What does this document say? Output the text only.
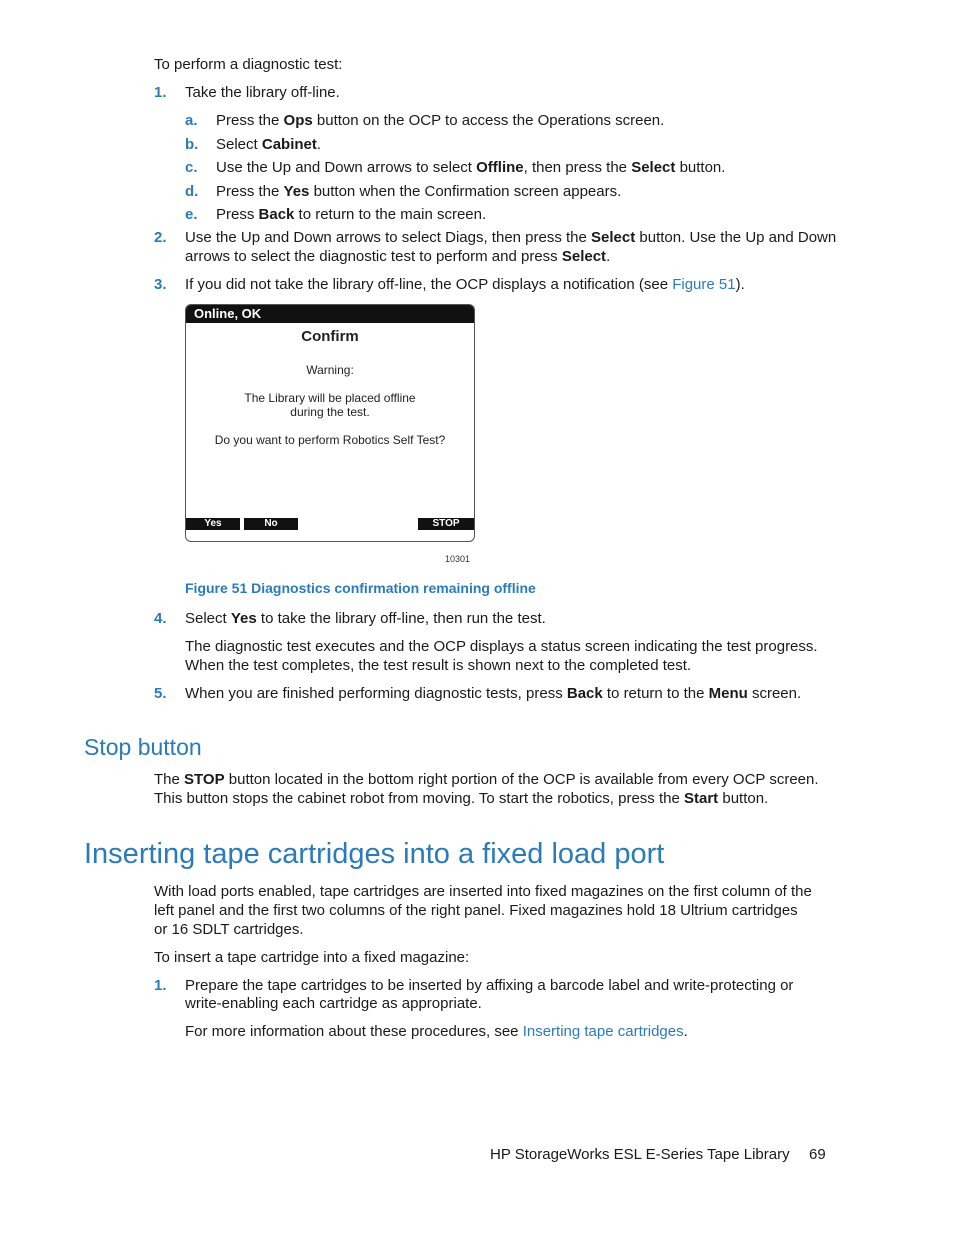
To perform a diagnostic test:
1. Take the library off-line.
a. Press the Ops button on the OCP to access the Operations screen.
b. Select Cabinet.
c. Use the Up and Down arrows to select Offline, then press the Select button.
d. Press the Yes button when the Confirmation screen appears.
e. Press Back to return to the main screen.
2. Use the Up and Down arrows to select Diags, then press the Select button. Use the Up and Down
arrows to select the diagnostic test to perform and press Select.
3. If you did not take the library off-line, the OCP displays a notification (see Figure 51).
Online, OK
Confirm
Warning:
The Library will be placed offline
during the test.
Do you want to perform Robotics Self Test?
Yes	No	STOP
10301
Figure 51 Diagnostics confirmation remaining offline
4. Select Yes to take the library off-line, then run the test.
The diagnostic test executes and the OCP displays a status screen indicating the test progress.
When the test completes, the test result is shown next to the completed test.
5. When you are finished performing diagnostic tests, press Back to return to the Menu screen.
Stop button
The STOP button located in the bottom right portion of the OCP is available from every OCP screen.
This button stops the cabinet robot from moving. To start the robotics, press the Start button.
Inserting tape cartridges into a fixed load port
With load ports enabled, tape cartridges are inserted into fixed magazines on the first column of the
left panel and the first two columns of the right panel. Fixed magazines hold 18 Ultrium cartridges
or 16 SDLT cartridges.
To insert a tape cartridge into a fixed magazine:
1. Prepare the tape cartridges to be inserted by affixing a barcode label and write-protecting or
write-enabling each cartridge as appropriate.
For more information about these procedures, see Inserting tape cartridges.
HP StorageWorks ESL E-Series Tape Library 69
